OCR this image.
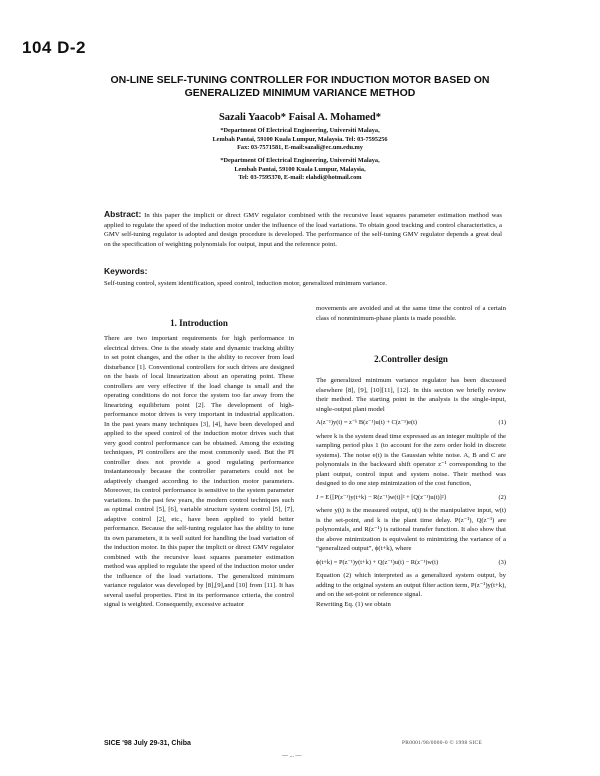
104 D-2
ON-LINE SELF-TUNING CONTROLLER FOR INDUCTION MOTOR BASED ON
GENERALIZED MINIMUM VARIANCE METHOD
Sazali Yaacob* Faisal A. Mohamed*
*Department Of Electrical Engineering, Universiti Malaya,
Lembah Pantai, 59100 Kuala Lumpur, Malaysia. Tel: 03-7595256
Fax: 03-7571581, E-mail:sazali@ec.um.edu.my
*Department Of Electrical Engineering, Universiti Malaya,
Lembah Pantai, 59100 Kuala Lumpur, Malaysia,
Tel: 03-7595370, E-mail: elahdi@hotmail.com
Abstract: In this paper the implicit or direct GMV regulator combined with the recursive least squares parameter estimation method was applied to regulate the speed of the induction motor under the influence of the load variations. To obtain good tracking and control characteristics, a GMV self-tuning regulator is adopted and design procedure is developed. The performance of the self-tuning GMV regulator depends a great deal on the specification of weighting polynomials for output, input and the reference point.
Keywords:
Self-tuning control, system identification, speed control, induction motor, generalized minimum variance.
1. Introduction

There are two important requirements for high performance in electrical drives. One is the steady state and dynamic tracking ability to set point changes, and the other is the ability to recover from load disturbance [1]. Conventional controllers for such drives are designed on the basis of local linearization about an operating point. These controllers are very effective if the load change is small and the operating conditions do not force the system too far away from the linearizing equilibrium point [2]. The development of high-performance motor drives is very important in industrial application. In the past years many techniques [3], [4], have been developed and applied to the speed control of the induction motor drives such that very good control performance can be obtained. Among the existing techniques, PI controllers are the most commonly used. But the PI controller does not provide a good regulating performance instantaneously because the controller parameters could not be adaptively changed according to the induction motor parameters. Moreover, its control performance is sensitive to the system parameter variations. In the past few years, the modern control techniques such as optimal control [5], [6], variable structure system control [5], [7], adaptive control [2], etc., have been applied to yield better performance. Because the self-tuning regulator has the ability to tune its own parameters, it is well suited for handling the load variation of the induction motor. In this paper the implicit or direct GMV regulator combined with the recursive least squares parameter estimation method was applied to regulate the speed of the induction motor under the influence of the load variations. The generalized minimum variance regulator was developed by [8],[9],and [10] from [11]. It has several useful properties. First in its performance criteria, the control signal is weighted. Consequently, excessive actuator

movements are avoided and at the same time the control of a certain class of nonminimum-phase plants is made possible.

2.Controller design

The generalized minimum variance regulator has been discussed elsewhere [8], [9], [10][11], [12]. In this section we briefly review their method. The starting point in the analysis is the single-input, single-output plant model

A(z⁻¹)y(t) = z⁻ᵏ B(z⁻¹)u(t) + C(z⁻¹)e(t)	(1)

where k is the system dead time expressed as an integer multiple of the sampling period plus 1 (to account for the zero order hold in discrete systems). The noise e(t) is the Gaussian white noise. A, B and C are polynomials in the backward shift operator z⁻¹ corresponding to the plant output, control input and system noise. Their method was designed to do one step minimization of the cost function,

J = E{[P(z⁻¹)y(t+k) − R(z⁻¹)w(t)]² + [Q(z⁻¹)u(t)]²}	(2)

where y(t) is the measured output, u(t) is the manipulative input, w(t) is the set-point, and k is the plant time delay. P(z⁻¹), Q(z⁻¹) are polynomials, and R(z⁻¹) is rational transfer function. It also show that the above minimization is equivalent to minimizing the variance of a “generalized output”, ϕ(t+k), where

ϕ(t+k) = P(z⁻¹)y(t+k) + Q(z⁻¹)u(t) − R(z⁻¹)w(t)	(3)

Equation (2) which interpreted as a generalized system output, by adding to the original system an output filter action term, P(z⁻¹)y(t+k), and on the set-point or reference signal.

Rewriting Eq. (1) we obtain

SICE '98 July 29-31, Chiba	PR0001/98/0000-0 © 1998 SICE
— ... —
